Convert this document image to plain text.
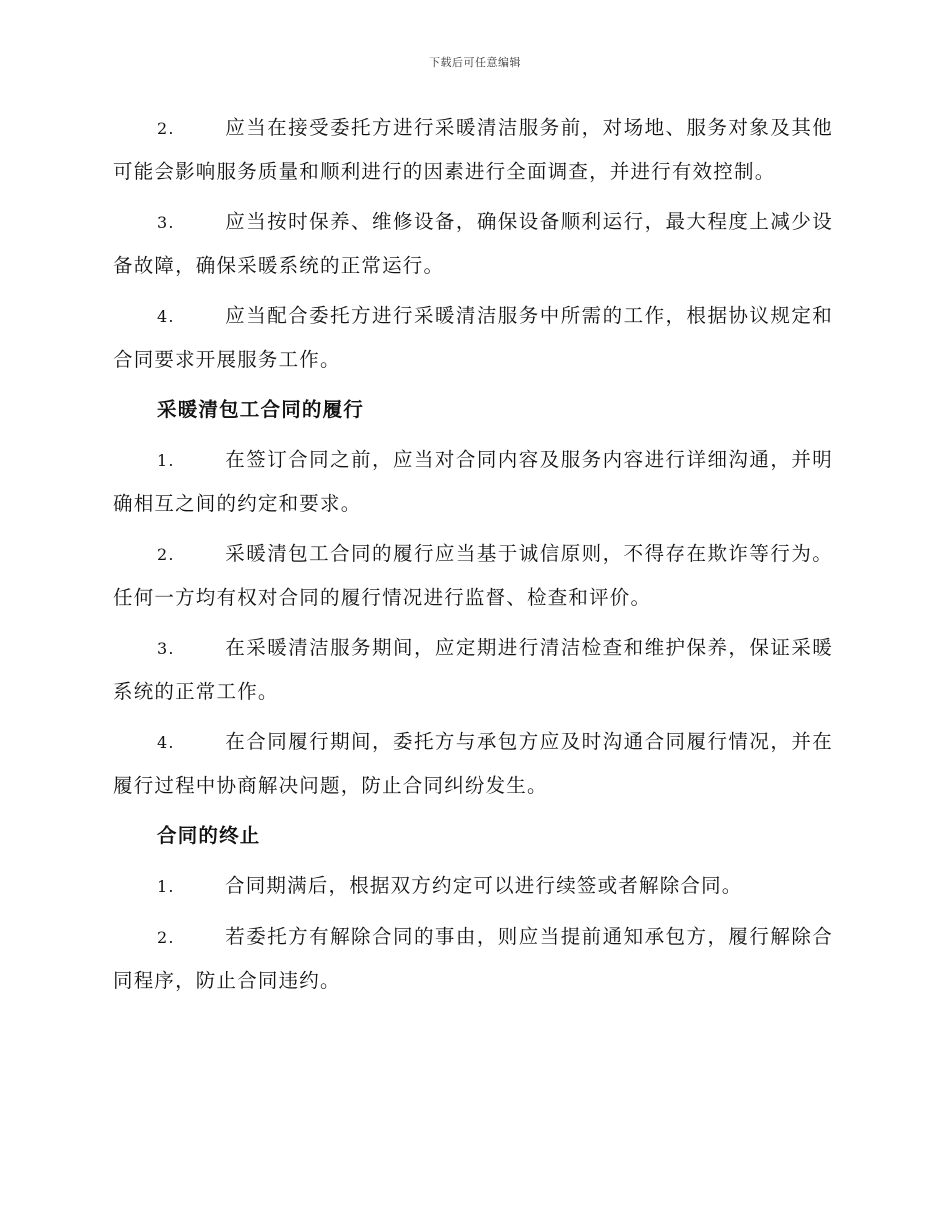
下载后可任意编辑

2.	应当在接受委托方进行采暖清洁服务前，对场地、服务对象及其他可能会影响服务质量和顺利进行的因素进行全面调查，并进行有效控制。

3.	应当按时保养、维修设备，确保设备顺利运行，最大程度上减少设备故障，确保采暖系统的正常运行。

4.	应当配合委托方进行采暖清洁服务中所需的工作，根据协议规定和合同要求开展服务工作。

采暖清包工合同的履行

1.	在签订合同之前，应当对合同内容及服务内容进行详细沟通，并明确相互之间的约定和要求。

2.	采暖清包工合同的履行应当基于诚信原则，不得存在欺诈等行为。任何一方均有权对合同的履行情况进行监督、检查和评价。

3.	在采暖清洁服务期间，应定期进行清洁检查和维护保养，保证采暖系统的正常工作。

4.	在合同履行期间，委托方与承包方应及时沟通合同履行情况，并在履行过程中协商解决问题，防止合同纠纷发生。

合同的终止

1.	合同期满后，根据双方约定可以进行续签或者解除合同。

2.	若委托方有解除合同的事由，则应当提前通知承包方，履行解除合同程序，防止合同违约。
